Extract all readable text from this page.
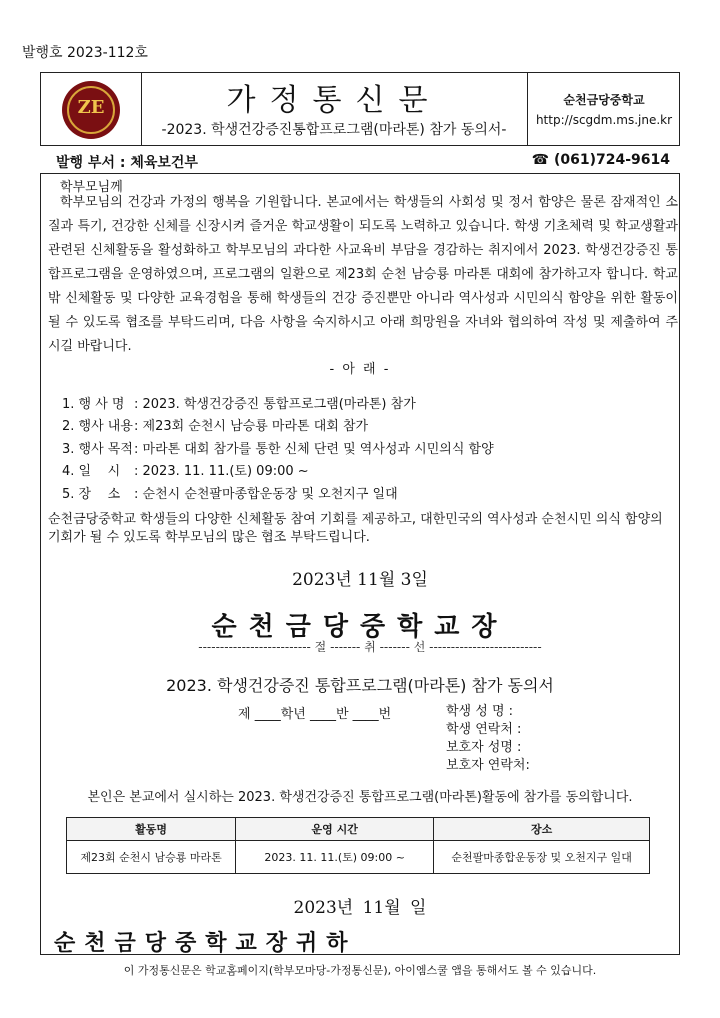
발행호 2023-112호
ZE	가정통신문
-2023. 학생건강증진통합프로그램(마라톤) 참가 동의서-
순천금당중학교
http://scgdm.ms.jne.kr
발행 부서 : 체육보건부	☎ (061)724-9614
학부모님께
학부모님의 건강과 가정의 행복을 기원합니다. 본교에서는 학생들의 사회성 및 정서 함양은 물론 잠재적인 소질과 특기, 건강한 신체를 신장시켜 즐거운 학교생활이 되도록 노력하고 있습니다. 학생 기초체력 및 학교생활과 관련된 신체활동을 활성화하고 학부모님의 과다한 사교육비 부담을 경감하는 취지에서 2023. 학생건강증진 통합프로그램을 운영하였으며, 프로그램의 일환으로 제23회 순천 남승룡 마라톤 대회에 참가하고자 합니다. 학교 밖 신체활동 및 다양한 교육경험을 통해 학생들의 건강 증진뿐만 아니라 역사성과 시민의식 함양을 위한 활동이 될 수 있도록 협조를 부탁드리며, 다음 사항을 숙지하시고 아래 희망원을 자녀와 협의하여 작성 및 제출하여 주시길 바랍니다.
- 아 래 -
1. 행 사 명 : 2023. 학생건강증진 통합프로그램(마라톤) 참가
2. 행사 내용 : 제23회 순천시 남승룡 마라톤 대회 참가
3. 행사 목적 : 마라톤 대회 참가를 통한 신체 단련 및 역사성과 시민의식 함양
4. 일    시	: 2023. 11. 11.(토) 09:00 ~
5. 장    소	: 순천시 순천팔마종합운동장 및 오천지구 일대
순천금당중학교 학생들의 다양한 신체활동 참여 기회를 제공하고, 대한민국의 역사성과 순천시민 의식 함양의 기회가 될 수 있도록 학부모님의 많은 협조 부탁드립니다.
2023년 11월 3일
순천금당중학교장
-------------------------- 절 ------- 취 ------- 선 --------------------------
2023. 학생건강증진 통합프로그램(마라톤) 참가 동의서
제 ____학년 ____반 ____번	학생 성 명 :
학생 연락처 :
보호자 성명 :
보호자 연락처:
본인은 본교에서 실시하는 2023. 학생건강증진 통합프로그램(마라톤)활동에 참가를 동의합니다.
활동명	운영 시간	장소
제23회 순천시 남승룡 마라톤	2023. 11. 11.(토) 09:00 ~	순천팔마종합운동장 및 오천지구 일대
2023년 11월 일
순천금당중학교장귀하
이 가정통신문은 학교홈페이지(학부모마당-가정통신문), 아이엠스쿨 앱을 통해서도 볼 수 있습니다.
